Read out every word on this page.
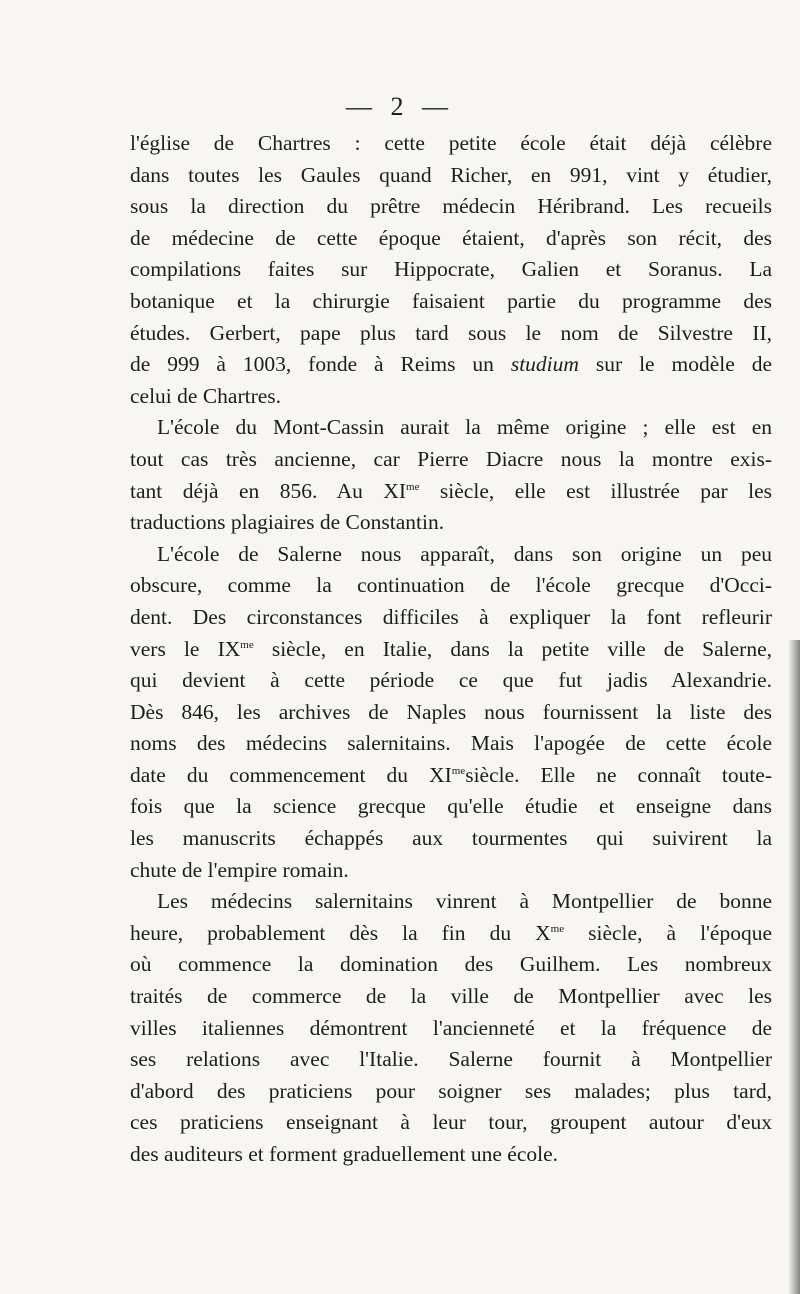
— 2 —
l'église de Chartres : cette petite école était déjà célèbre
dans toutes les Gaules quand Richer, en 991, vint y étudier,
sous la direction du prêtre médecin Héribrand. Les recueils
de médecine de cette époque étaient, d'après son récit, des
compilations faites sur Hippocrate, Galien et Soranus. La
botanique et la chirurgie faisaient partie du programme des
études. Gerbert, pape plus tard sous le nom de Silvestre II,
de 999 à 1003, fonde à Reims un studium sur le modèle de
celui de Chartres.
L'école du Mont-Cassin aurait la même origine ; elle est en
tout cas très ancienne, car Pierre Diacre nous la montre exis-
tant déjà en 856. Au $XI^{me}$ siècle, elle est illustrée par les
traductions plagiaires de Constantin.
L'école de Salerne nous apparaît, dans son origine un peu
obscure, comme la continuation de l'école grecque d'Occi-
dent. Des circonstances difficiles à expliquer la font refleurir
vers le $IX^{me}$ siècle, en Italie, dans la petite ville de Salerne,
qui devient à cette période ce que fut jadis Alexandrie.
Dès 846, les archives de Naples nous fournissent la liste des
noms des médecins salernitains. Mais l'apogée de cette école
date du commencement du $XI^{me}siècle$. Elle ne connaît toute-
fois que la science grecque qu'elle étudie et enseigne dans
les manuscrits échappés aux tourmentes qui suivirent la
chute de l'empire romain.
Les médecins salernitains vinrent à Montpellier de bonne
heure, probablement dès la fin du $X^{me}$ siècle, à l'époque
où commence la domination des Guilhem. Les nombreux
traités de commerce de la ville de Montpellier avec les
villes italiennes démontrent l'ancienneté et la fréquence de
ses relations avec l'Italie. Salerne fournit à Montpellier
d'abord des praticiens pour soigner ses malades; plus tard,
ces praticiens enseignant à leur tour, groupent autour d'eux
des auditeurs et forment graduellement une école.
